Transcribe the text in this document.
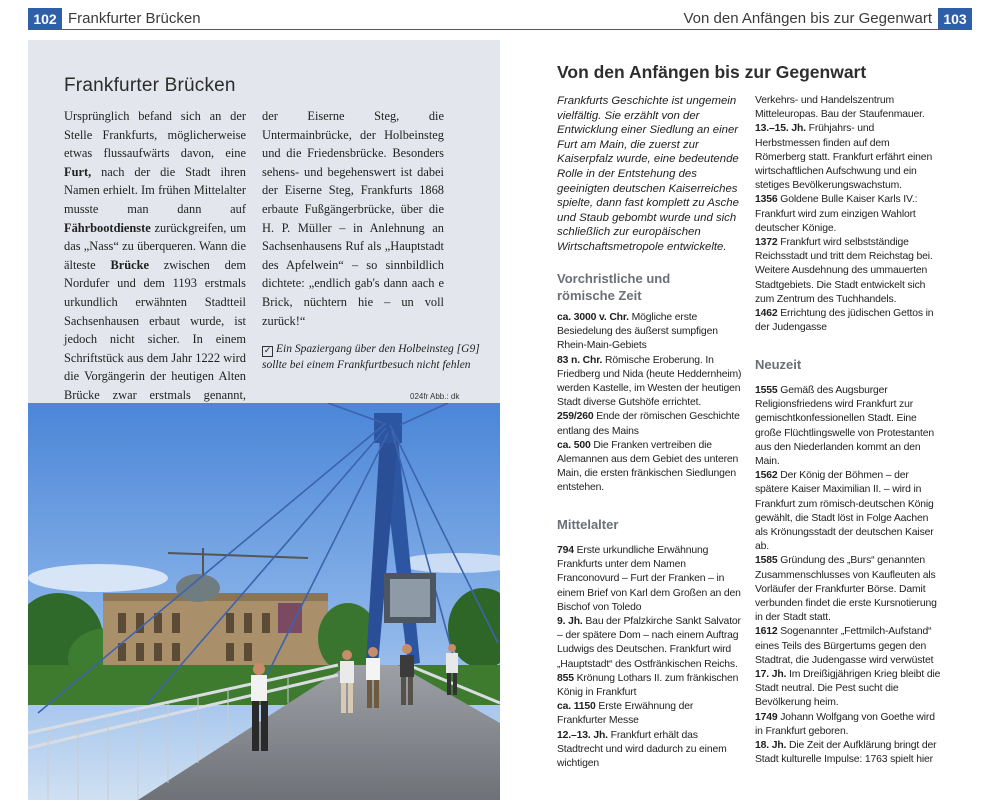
102 Frankfurter Brücken	Von den Anfängen bis zur Gegenwart 103
Frankfurter Brücken
Ursprünglich befand sich an der Stelle Frankfurts, möglicherweise etwas flussaufwärts davon, eine Furt, nach der die Stadt ihren Namen erhielt. Im frühen Mittelalter musste man dann auf Fährbootdienste zurückgreifen, um das „Nass“ zu überqueren. Wann die älteste Brücke zwischen dem Nordufer und dem 1193 erstmals urkundlich erwähnten Stadtteil Sachsenhausen erbaut wurde, ist jedoch nicht sicher. In einem Schriftstück aus dem Jahr 1222 wird die Vorgängerin der heutigen Alten Brücke zwar erstmals genannt,
der Eiserne Steg, die Untermainbrücke, der Holbeinsteg und die Friedensbrücke. Besonders sehens- und begehenswert ist dabei der Eiserne Steg, Frankfurts 1868 erbaute Fußgängerbrücke, über die H. P. Müller – in Anlehnung an Sachsenhausens Ruf als „Hauptstadt des Apfelwein“ – so sinnbildlich dichtete: „endlich gab's dann aach e Brick, nüchtern hie – un voll zurück!“
✓ Ein Spaziergang über den Holbeinsteg [G9] sollte bei einem Frankfurtbesuch nicht fehlen
024fr Abb.: dk
Von den Anfängen bis zur Gegenwart
Frankfurts Geschichte ist ungemein vielfältig. Sie erzählt von der Entwicklung einer Siedlung an einer Furt am Main, die zuerst zur Kaiserpfalz wurde, eine bedeutende Rolle in der Entstehung des geeinigten deutschen Kaiserreiches spielte, dann fast komplett zu Asche und Staub gebombt wurde und sich schließlich zur europäischen Wirtschaftsmetropole entwickelte.
Vorchristliche und römische Zeit
ca. 3000 v. Chr. Mögliche erste Besiedelung des äußerst sumpfigen Rhein-Main-Gebiets
83 n. Chr. Römische Eroberung. In Friedberg und Nida (heute Heddernheim) werden Kastelle, im Westen der heutigen Stadt diverse Gutshöfe errichtet.
259/260 Ende der römischen Geschichte entlang des Mains
ca. 500 Die Franken vertreiben die Alemannen aus dem Gebiet des unteren Main, die ersten fränkischen Siedlungen entstehen.
Mittelalter
794 Erste urkundliche Erwähnung Frankfurts unter dem Namen Franconovurd – Furt der Franken – in einem Brief von Karl dem Großen an den Bischof von Toledo
9. Jh. Bau der Pfalzkirche Sankt Salvator – der spätere Dom – nach einem Auftrag Ludwigs des Deutschen. Frankfurt wird „Hauptstadt“ des Ostfränkischen Reichs.
855 Krönung Lothars II. zum fränkischen König in Frankfurt
ca. 1150 Erste Erwähnung der Frankfurter Messe
12.–13. Jh. Frankfurt erhält das Stadtrecht und wird dadurch zu einem wichtigen
Verkehrs- und Handelszentrum Mitteleuropas. Bau der Staufenmauer.
13.–15. Jh. Frühjahrs- und Herbstmessen finden auf dem Römerberg statt. Frankfurt erfährt einen wirtschaftlichen Aufschwung und ein stetiges Bevölkerungswachstum.
1356 Goldene Bulle Kaiser Karls IV.: Frankfurt wird zum einzigen Wahlort deutscher Könige.
1372 Frankfurt wird selbstständige Reichsstadt und tritt dem Reichstag bei. Weitere Ausdehnung des ummauerten Stadtgebiets. Die Stadt entwickelt sich zum Zentrum des Tuchhandels.
1462 Errichtung des jüdischen Gettos in der Judengasse
Neuzeit
1555 Gemäß des Augsburger Religionsfriedens wird Frankfurt zur gemischtkonfessionellen Stadt. Eine große Flüchtlingswelle von Protestanten aus den Niederlanden kommt an den Main.
1562 Der König der Böhmen – der spätere Kaiser Maximilian II. – wird in Frankfurt zum römisch-deutschen König gewählt, die Stadt löst in Folge Aachen als Krönungsstadt der deutschen Kaiser ab.
1585 Gründung des „Burs“ genannten Zusammenschlusses von Kaufleuten als Vorläufer der Frankfurter Börse. Damit verbunden findet die erste Kursnotierung in der Stadt statt.
1612 Sogenannter „Fettmilch-Aufstand“ eines Teils des Bürgertums gegen den Stadtrat, die Judengasse wird verwüstet
17. Jh. Im Dreißigjährigen Krieg bleibt die Stadt neutral. Die Pest sucht die Bevölkerung heim.
1749 Johann Wolfgang von Goethe wird in Frankfurt geboren.
18. Jh. Die Zeit der Aufklärung bringt der Stadt kulturelle Impulse: 1763 spielt hier
